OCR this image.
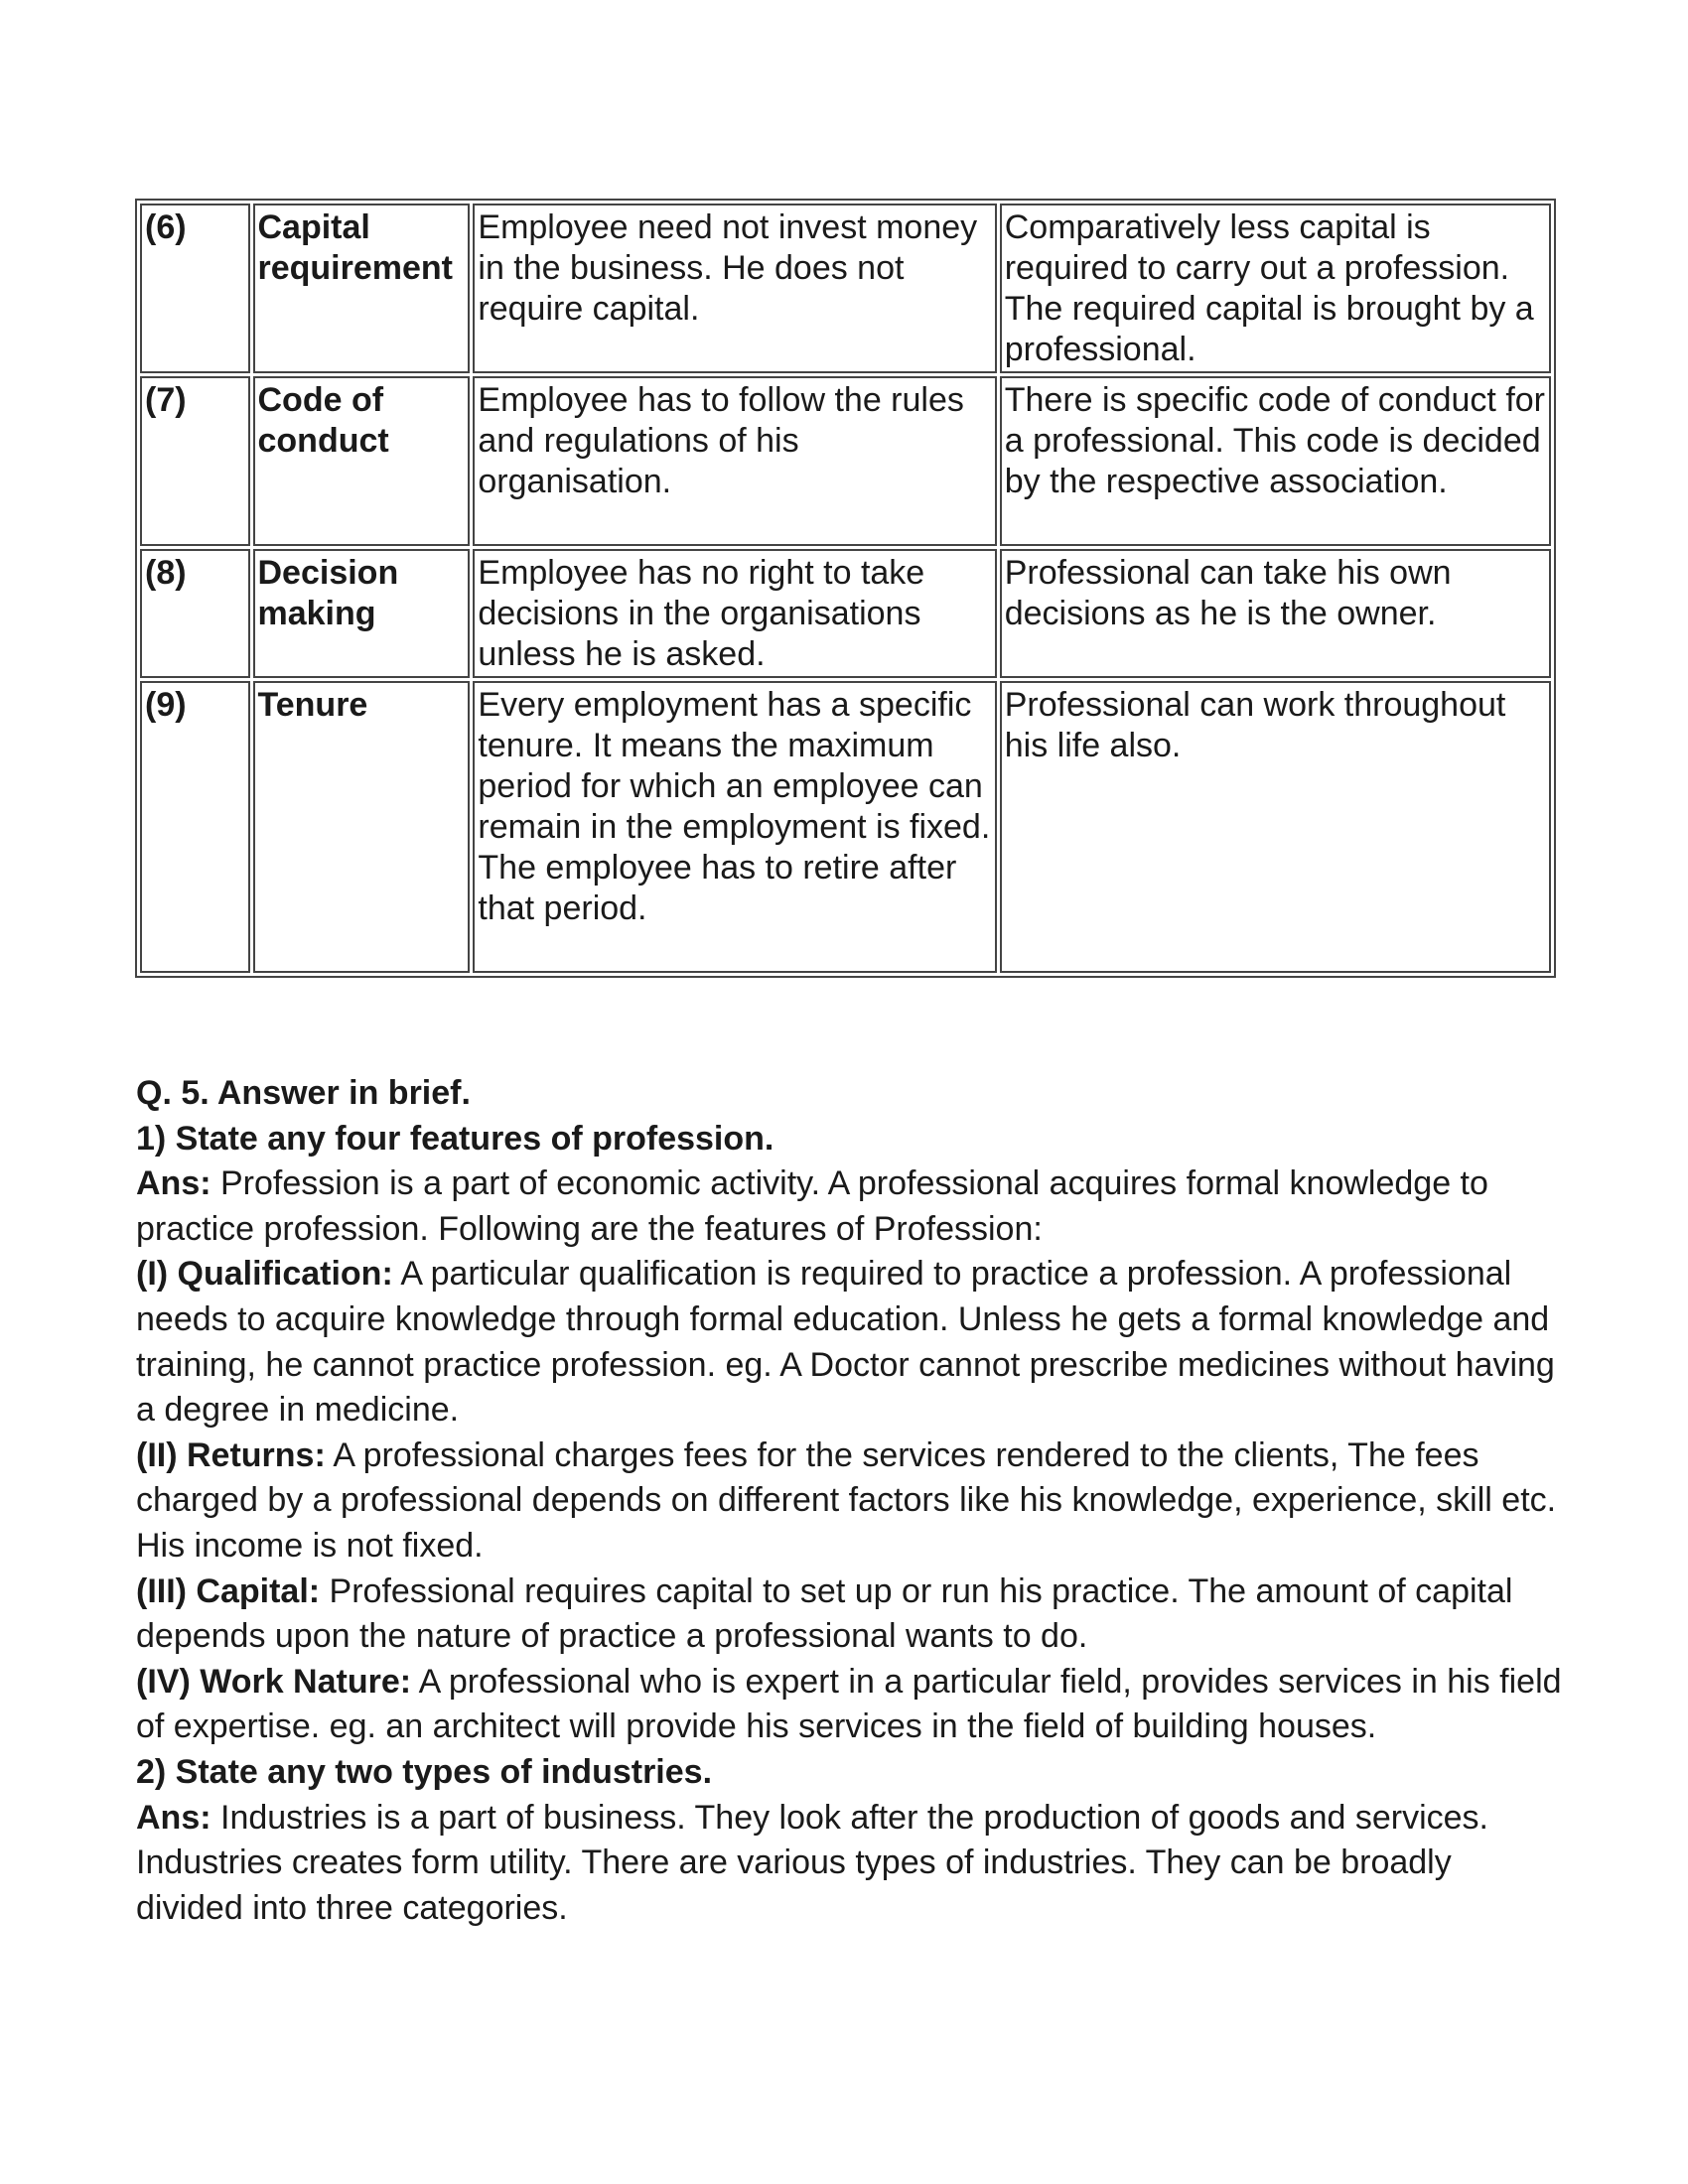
(6)	Capital requirement	Employee need not invest money in the business. He does not require capital.	Comparatively less capital is required to carry out a profession. The required capital is brought by a professional.
(7)	Code of conduct	Employee has to follow the rules and regulations of his organisation.	There is specific code of conduct for a professional. This code is decided by the respective association.
(8)	Decision making	Employee has no right to take decisions in the organisations unless he is asked.	Professional can take his own decisions as he is the owner.
(9)	Tenure	Every employment has a specific tenure. It means the maximum period for which an employee can remain in the employment is fixed. The employee has to retire after that period.	Professional can work throughout his life also.

Q. 5. Answer in brief.

1) State any four features of profession.

Ans: Profession is a part of economic activity. A professional acquires formal knowledge to practice profession. Following are the features of Profession:

(I) Qualification: A particular qualification is required to practice a profession. A professional needs to acquire knowledge through formal education. Unless he gets a formal knowledge and training, he cannot practice profession. eg. A Doctor cannot prescribe medicines without having a degree in medicine.

(II) Returns: A professional charges fees for the services rendered to the clients, The fees charged by a professional depends on different factors like his knowledge, experience, skill etc. His income is not fixed.

(III) Capital: Professional requires capital to set up or run his practice. The amount of capital depends upon the nature of practice a professional wants to do.

(IV) Work Nature: A professional who is expert in a particular field, provides services in his field of expertise. eg. an architect will provide his services in the field of building houses.

2) State any two types of industries.

Ans: Industries is a part of business. They look after the production of goods and services. Industries creates form utility. There are various types of industries. They can be broadly divided into three categories.
